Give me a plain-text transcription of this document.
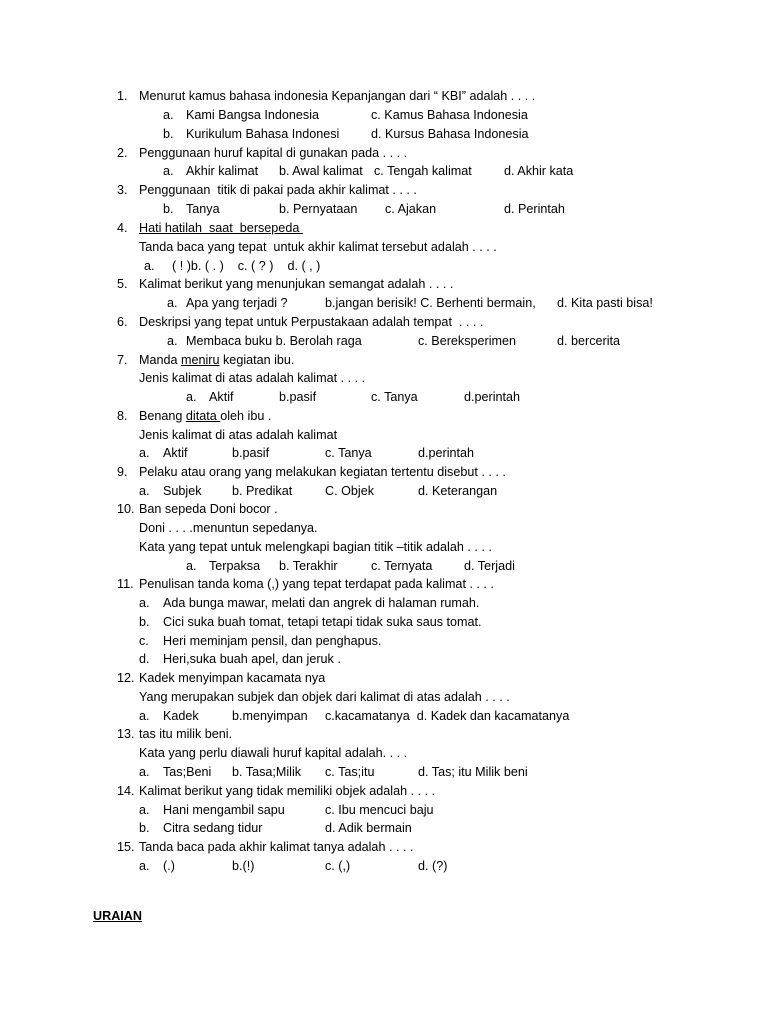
1. Menurut kamus bahasa indonesia Kepanjangan dari “ KBI” adalah . . . .
a. Kami Bangsa Indonesia	c. Kamus Bahasa Indonesia
b. Kurikulum Bahasa Indonesi	d. Kursus Bahasa Indonesia
2. Penggunaan huruf kapital di gunakan pada . . . .
a. Akhir kalimat b. Awal kalimat c. Tengah kalimat	d. Akhir kata
3. Penggunaan  titik di pakai pada akhir kalimat . . . .
b. Tanya	b. Pernyataan c. Ajakan	d. Perintah
4. Hati hatilah  saat  bersepeda
Tanda baca yang tepat  untuk akhir kalimat tersebut adalah . . . .
a.     ( ! )b. ( . )    c. ( ? )    d. ( , )
5. Kalimat berikut yang menunjukan semangat adalah . . . .
a. Apa yang terjadi ?	b.jangan berisik! C. Berhenti bermain, d. Kita pasti bisa!
6. Deskripsi yang tepat untuk Perpustakaan adalah tempat  . . . .
a. Membaca buku b. Berolah raga	c. Bereksperimen	d. bercerita
7. Manda meniru kegiatan ibu.
Jenis kalimat di atas adalah kalimat . . . .
a. Aktif	b.pasif	c. Tanya	d.perintah
8. Benang ditata oleh ibu .
Jenis kalimat di atas adalah kalimat
a. Aktif	b.pasif	c. Tanya	d.perintah
9. Pelaku atau orang yang melakukan kegiatan tertentu disebut . . . .
a. Subjek b. Predikat	C. Objek	d. Keterangan
10. Ban sepeda Doni bocor .
Doni . . . .menuntun sepedanya.
Kata yang tepat untuk melengkapi bagian titik –titik adalah . . . .
a. Terpaksa b. Terakhir	c. Ternyata	d. Terjadi
11. Penulisan tanda koma (,) yang tepat terdapat pada kalimat . . . .
a. Ada bunga mawar, melati dan angrek di halaman rumah.
b. Cici suka buah tomat, tetapi tetapi tidak suka saus tomat.
c. Heri meminjam pensil, dan penghapus.
d. Heri,suka buah apel, dan jeruk .
12. Kadek menyimpan kacamata nya
Yang merupakan subjek dan objek dari kalimat di atas adalah . . . .
a. Kadek	b.menyimpan c.kacamatanya  d. Kadek dan kacamatanya
13. tas itu milik beni.
Kata yang perlu diawali huruf kapital adalah. . . .
a. Tas;Beni b. Tasa;Milik c. Tas;itu	d. Tas; itu Milik beni
14. Kalimat berikut yang tidak memiliki objek adalah . . . .
a. Hani mengambil sapu	c. Ibu mencuci baju
b. Citra sedang tidur	d. Adik bermain
15. Tanda baca pada akhir kalimat tanya adalah . . . .
a. (.)	b.(!)	c. (,)	d. (?)
URAIAN
